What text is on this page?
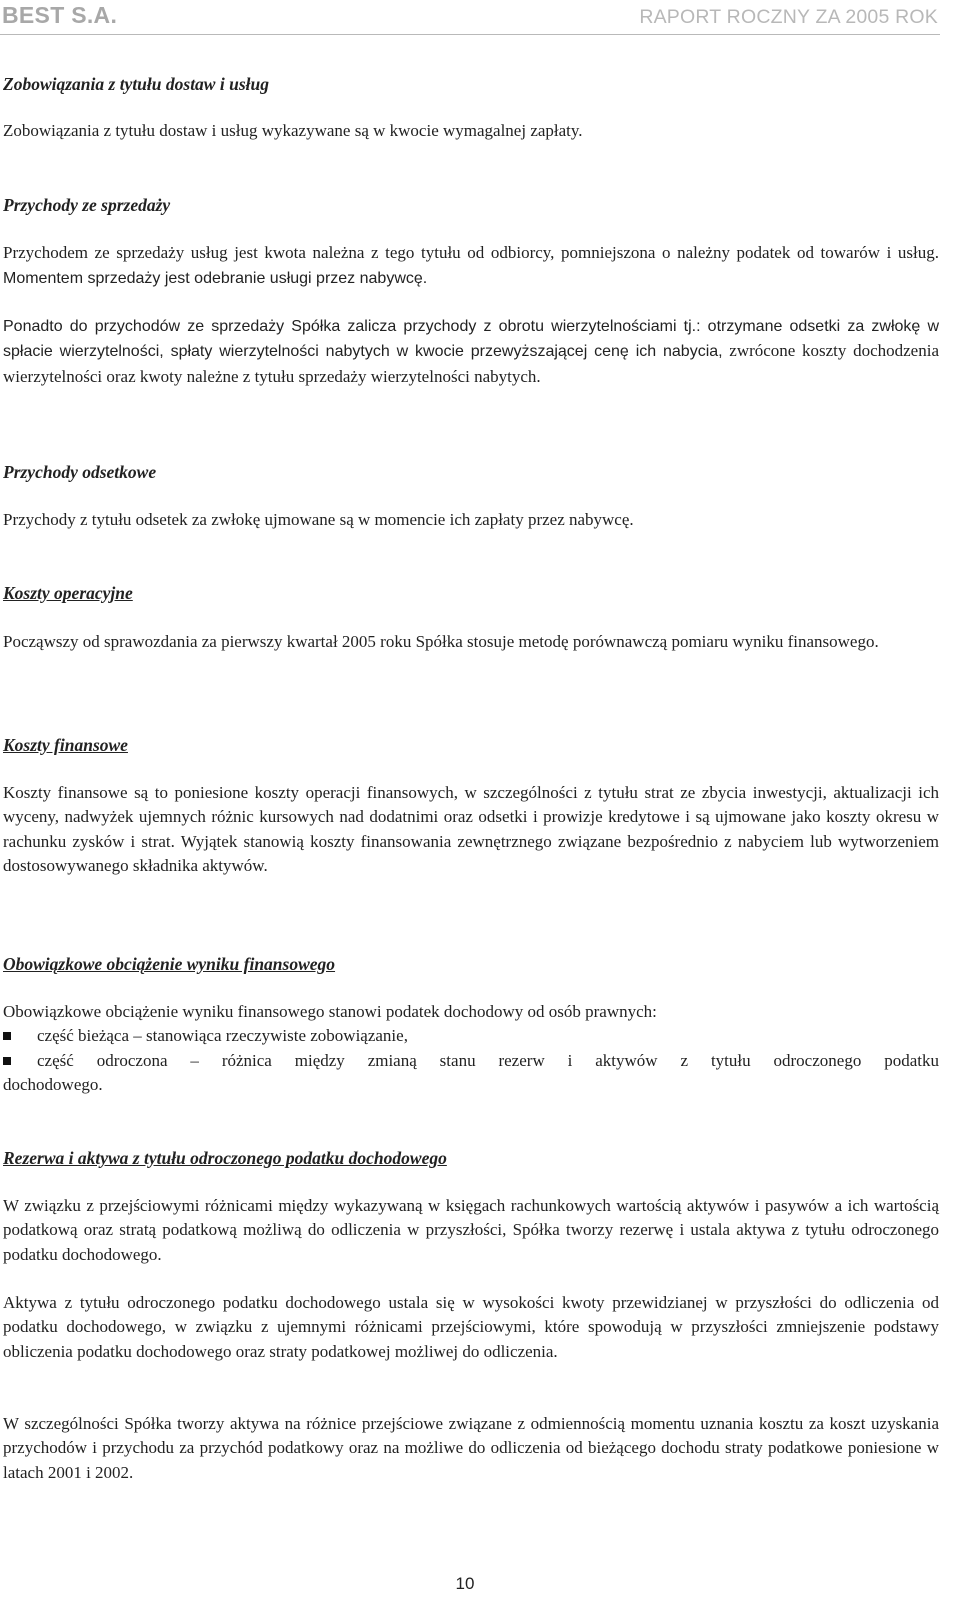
BEST S.A.	RAPORT ROCZNY ZA 2005 ROK
Zobowiązania z tytułu dostaw i usług
Zobowiązania z tytułu dostaw i usług wykazywane są w kwocie wymagalnej zapłaty.
Przychody ze sprzedaży
Przychodem ze sprzedaży usług jest kwota należna z tego tytułu od odbiorcy, pomniejszona o należny podatek od towarów i usług. Momentem sprzedaży jest odebranie usługi przez nabywcę.
Ponadto do przychodów ze sprzedaży Spółka zalicza przychody z obrotu wierzytelnościami tj.: otrzymane odsetki za zwłokę w spłacie wierzytelności, spłaty wierzytelności nabytych w kwocie przewyższającej cenę ich nabycia, zwrócone koszty dochodzenia wierzytelności oraz kwoty należne z tytułu sprzedaży wierzytelności nabytych.
Przychody odsetkowe
Przychody z tytułu odsetek za zwłokę ujmowane są w momencie ich zapłaty przez nabywcę.
Koszty operacyjne
Począwszy od sprawozdania za pierwszy kwartał 2005 roku Spółka stosuje metodę porównawczą pomiaru wyniku finansowego.
Koszty finansowe
Koszty finansowe są to poniesione koszty operacji finansowych, w szczególności z tytułu strat ze zbycia inwestycji, aktualizacji ich wyceny, nadwyżek ujemnych różnic kursowych nad dodatnimi oraz odsetki i prowizje kredytowe i są ujmowane jako koszty okresu w rachunku zysków i strat. Wyjątek stanowią koszty finansowania zewnętrznego związane bezpośrednio z nabyciem lub wytworzeniem dostosowywanego składnika aktywów.
Obowiązkowe obciążenie wyniku finansowego
Obowiązkowe obciążenie wyniku finansowego stanowi podatek dochodowy od osób prawnych:
część bieżąca – stanowiąca rzeczywiste zobowiązanie,
część odroczona – różnica między zmianą stanu rezerw i aktywów z tytułu odroczonego podatku
dochodowego.
Rezerwa i aktywa z tytułu odroczonego podatku dochodowego
W związku z przejściowymi różnicami między wykazywaną w księgach rachunkowych wartością aktywów i pasywów a ich wartością podatkową oraz stratą podatkową możliwą do odliczenia w przyszłości, Spółka tworzy rezerwę i ustala aktywa z tytułu odroczonego podatku dochodowego.
Aktywa z tytułu odroczonego podatku dochodowego ustala się w wysokości kwoty przewidzianej w przyszłości do odliczenia od podatku dochodowego, w związku z ujemnymi różnicami przejściowymi, które spowodują w przyszłości zmniejszenie podstawy obliczenia podatku dochodowego oraz straty podatkowej możliwej do odliczenia.
W szczególności Spółka tworzy aktywa na różnice przejściowe związane z odmiennością momentu uznania kosztu za koszt uzyskania przychodów i przychodu za przychód podatkowy oraz na możliwe do odliczenia od bieżącego dochodu straty podatkowe poniesione w latach 2001 i 2002.
10
